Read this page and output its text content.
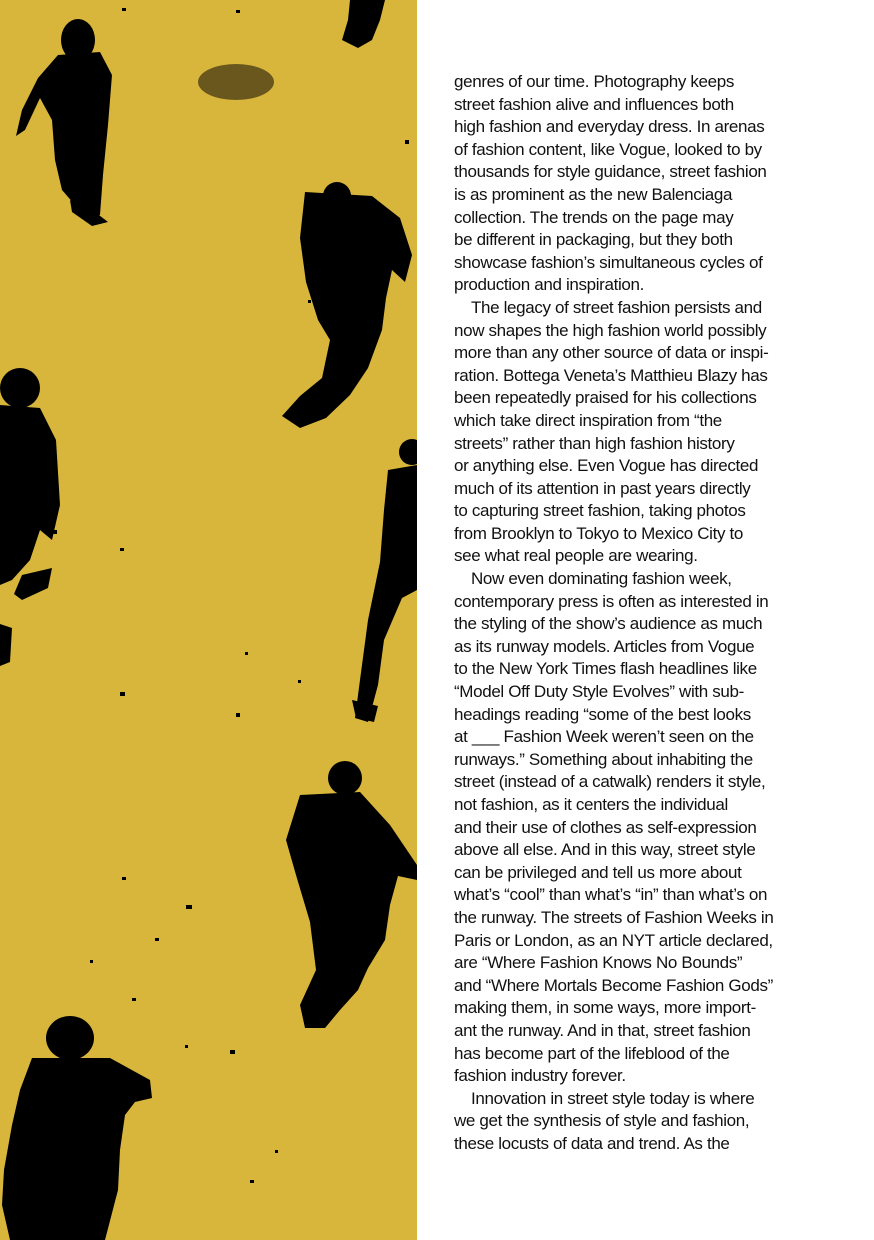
genres of our time. Photography keeps
street fashion alive and influences both
high fashion and everyday dress. In arenas
of fashion content, like Vogue, looked to by
thousands for style guidance, street fashion
is as prominent as the new Balenciaga
collection. The trends on the page may
be different in packaging, but they both
showcase fashion’s simultaneous cycles of
production and inspiration.
The legacy of street fashion persists and
now shapes the high fashion world possibly
more than any other source of data or inspi-
ration. Bottega Veneta’s Matthieu Blazy has
been repeatedly praised for his collections
which take direct inspiration from “the
streets” rather than high fashion history
or anything else. Even Vogue has directed
much of its attention in past years directly
to capturing street fashion, taking photos
from Brooklyn to Tokyo to Mexico City to
see what real people are wearing.
Now even dominating fashion week,
contemporary press is often as interested in
the styling of the show’s audience as much
as its runway models. Articles from Vogue
to the New York Times flash headlines like
“Model Off Duty Style Evolves” with sub-
headings reading “some of the best looks
at ___ Fashion Week weren’t seen on the
runways.” Something about inhabiting the
street (instead of a catwalk) renders it style,
not fashion, as it centers the individual
and their use of clothes as self-expression
above all else. And in this way, street style
can be privileged and tell us more about
what’s “cool” than what’s “in” than what’s on
the runway. The streets of Fashion Weeks in
Paris or London, as an NYT article declared,
are “Where Fashion Knows No Bounds”
and “Where Mortals Become Fashion Gods”
making them, in some ways, more import-
ant the runway. And in that, street fashion
has become part of the lifeblood of the
fashion industry forever.
Innovation in street style today is where
we get the synthesis of style and fashion,
these locusts of data and trend. As the
